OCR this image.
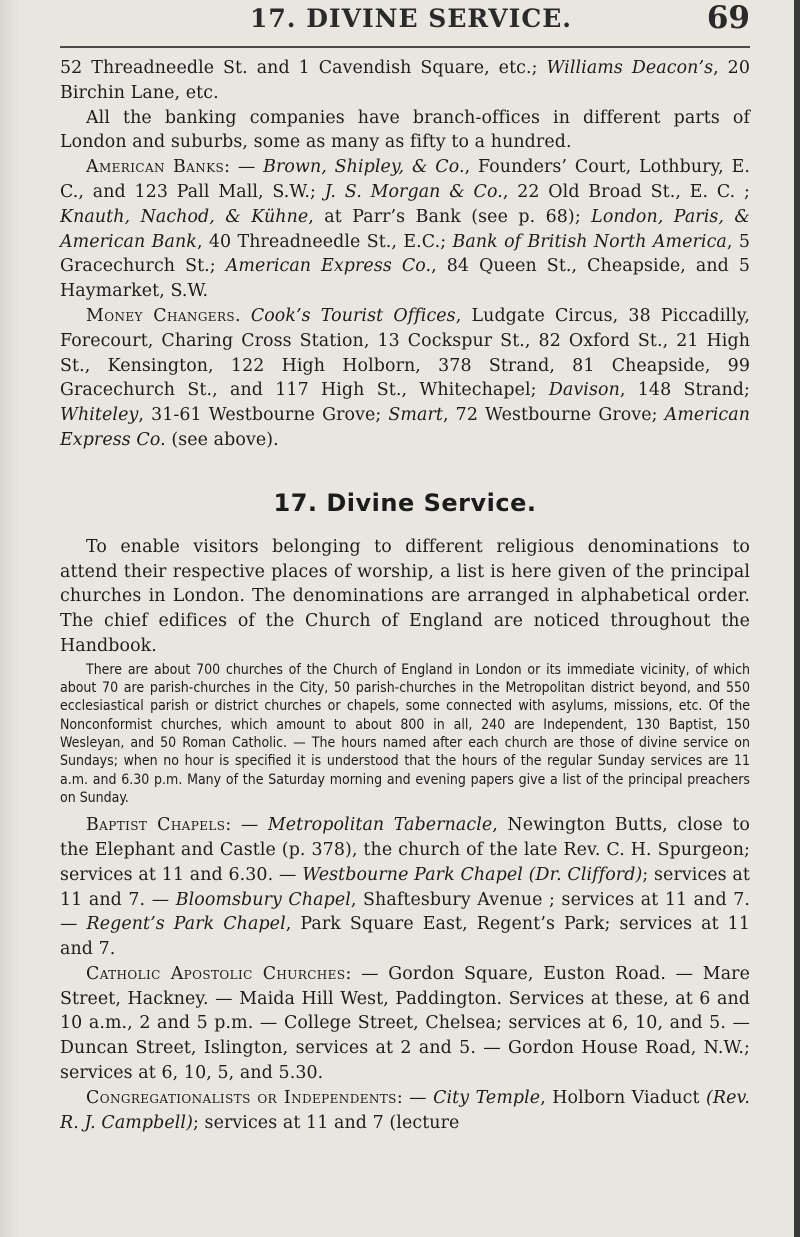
17. DIVINE SERVICE.	69

52 Threadneedle St. and 1 Cavendish Square, etc.; Williams Deacon’s, 20 Birchin Lane, etc.

All the banking companies have branch-offices in different parts of London and suburbs, some as many as fifty to a hundred.

American Banks: — Brown, Shipley, & Co., Founders’ Court, Lothbury, E. C., and 123 Pall Mall, S.W.; J. S. Morgan & Co., 22 Old Broad St., E. C. ; Knauth, Nachod, & Kühne, at Parr’s Bank (see p. 68); London, Paris, & American Bank, 40 Threadneedle St., E.C.; Bank of British North America, 5 Gracechurch St.; American Express Co., 84 Queen St., Cheapside, and 5 Haymarket, S.W.

Money Changers. Cook’s Tourist Offices, Ludgate Circus, 38 Piccadilly, Forecourt, Charing Cross Station, 13 Cockspur St., 82 Oxford St., 21 High St., Kensington, 122 High Holborn, 378 Strand, 81 Cheapside, 99 Gracechurch St., and 117 High St., Whitechapel; Davison, 148 Strand; Whiteley, 31-61 Westbourne Grove; Smart, 72 Westbourne Grove; American Express Co. (see above).

17. Divine Service.

To enable visitors belonging to different religious denominations to attend their respective places of worship, a list is here given of the principal churches in London. The denominations are arranged in alphabetical order. The chief edifices of the Church of England are noticed throughout the Handbook.

There are about 700 churches of the Church of England in London or its immediate vicinity, of which about 70 are parish-churches in the City, 50 parish-churches in the Metropolitan district beyond, and 550 ecclesiastical parish or district churches or chapels, some connected with asylums, missions, etc. Of the Nonconformist churches, which amount to about 800 in all, 240 are Independent, 130 Baptist, 150 Wesleyan, and 50 Roman Catholic. — The hours named after each church are those of divine service on Sundays; when no hour is specified it is understood that the hours of the regular Sunday services are 11 a.m. and 6.30 p.m. Many of the Saturday morning and evening papers give a list of the principal preachers on Sunday.

Baptist Chapels: — Metropolitan Tabernacle, Newington Butts, close to the Elephant and Castle (p. 378), the church of the late Rev. C. H. Spurgeon; services at 11 and 6.30. — Westbourne Park Chapel (Dr. Clifford); services at 11 and 7. — Bloomsbury Chapel, Shaftesbury Avenue ; services at 11 and 7. — Regent’s Park Chapel, Park Square East, Regent’s Park; services at 11 and 7.

Catholic Apostolic Churches: — Gordon Square, Euston Road. — Mare Street, Hackney. — Maida Hill West, Paddington. Services at these, at 6 and 10 a.m., 2 and 5 p.m. — College Street, Chelsea; services at 6, 10, and 5. — Duncan Street, Islington, services at 2 and 5. — Gordon House Road, N.W.; services at 6, 10, 5, and 5.30.

Congregationalists or Independents: — City Temple, Holborn Viaduct (Rev. R. J. Campbell); services at 11 and 7 (lecture
